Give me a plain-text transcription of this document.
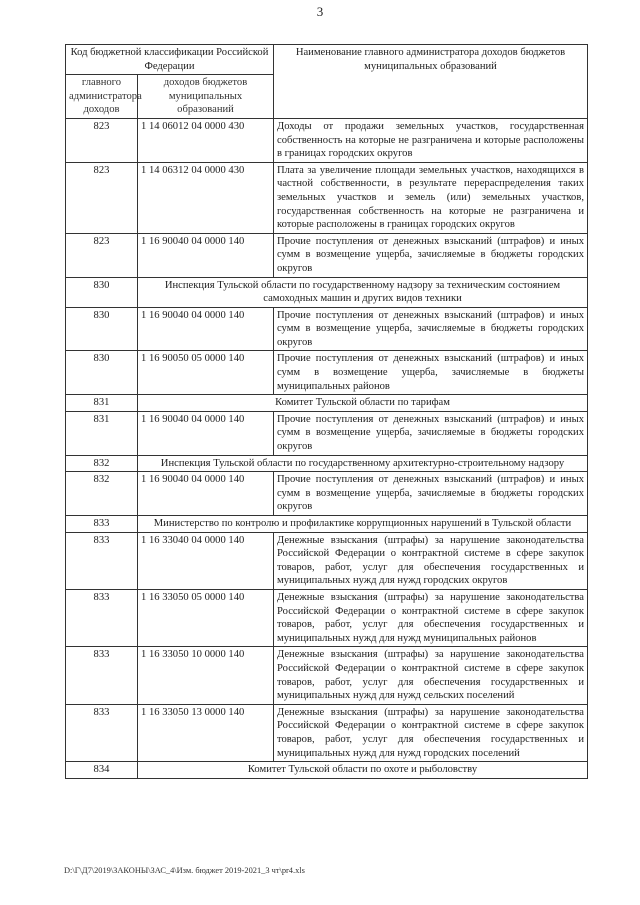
3
Код бюджетной классификации Российской Федерации		Наименование главного администратора доходов бюджетов муниципальных образований
главного администратора доходов	доходов бюджетов муниципальных образований	
823	1 14 06012 04 0000 430	Доходы от продажи земельных участков, государственная собственность на которые не разграничена и которые расположены в границах городских округов
823	1 14 06312 04 0000 430	Плата за увеличение площади земельных участков, находящихся в частной собственности, в результате перераспределения таких земельных участков и земель (или) земельных участков, государственная собственность на которые не разграничена и которые расположены в границах городских округов
823	1 16 90040 04 0000 140	Прочие поступления от денежных взысканий (штрафов) и иных сумм в возмещение ущерба, зачисляемые в бюджеты городских округов
830	Инспекция Тульской области по государственному надзору за техническим состоянием самоходных машин и других видов техники	
830	1 16 90040 04 0000 140	Прочие поступления от денежных взысканий (штрафов) и иных сумм в возмещение ущерба, зачисляемые в бюджеты городских округов
830	1 16 90050 05 0000 140	Прочие поступления от денежных взысканий (штрафов) и иных сумм в возмещение ущерба, зачисляемые в бюджеты муниципальных районов
831	Комитет Тульской области по тарифам	
831	1 16 90040 04 0000 140	Прочие поступления от денежных взысканий (штрафов) и иных сумм в возмещение ущерба, зачисляемые в бюджеты городских округов
832	Инспекция Тульской области по государственному архитектурно-строительному надзору	
832	1 16 90040 04 0000 140	Прочие поступления от денежных взысканий (штрафов) и иных сумм в возмещение ущерба, зачисляемые в бюджеты городских округов
833	Министерство по контролю и профилактике коррупционных нарушений в Тульской области	
833	1 16 33040 04 0000 140	Денежные взыскания (штрафы) за нарушение законодательства Российской Федерации о контрактной системе в сфере закупок товаров, работ, услуг для обеспечения государственных и муниципальных нужд для нужд городских округов
833	1 16 33050 05 0000 140	Денежные взыскания (штрафы) за нарушение законодательства Российской Федерации о контрактной системе в сфере закупок товаров, работ, услуг для обеспечения государственных и муниципальных нужд для нужд муниципальных районов
833	1 16 33050 10 0000 140	Денежные взыскания (штрафы) за нарушение законодательства Российской Федерации о контрактной системе в сфере закупок товаров, работ, услуг для обеспечения государственных и муниципальных нужд для нужд сельских поселений
833	1 16 33050 13 0000 140	Денежные взыскания (штрафы) за нарушение законодательства Российской Федерации о контрактной системе в сфере закупок товаров, работ, услуг для обеспечения государственных и муниципальных нужд для нужд городских поселений
834	Комитет Тульской области по охоте и рыболовству	
D:\Г\Д7\2019\ЗАКОНЫ\ЗАС_4\Изм. бюджет 2019-2021_3 чт\pr4.xls
